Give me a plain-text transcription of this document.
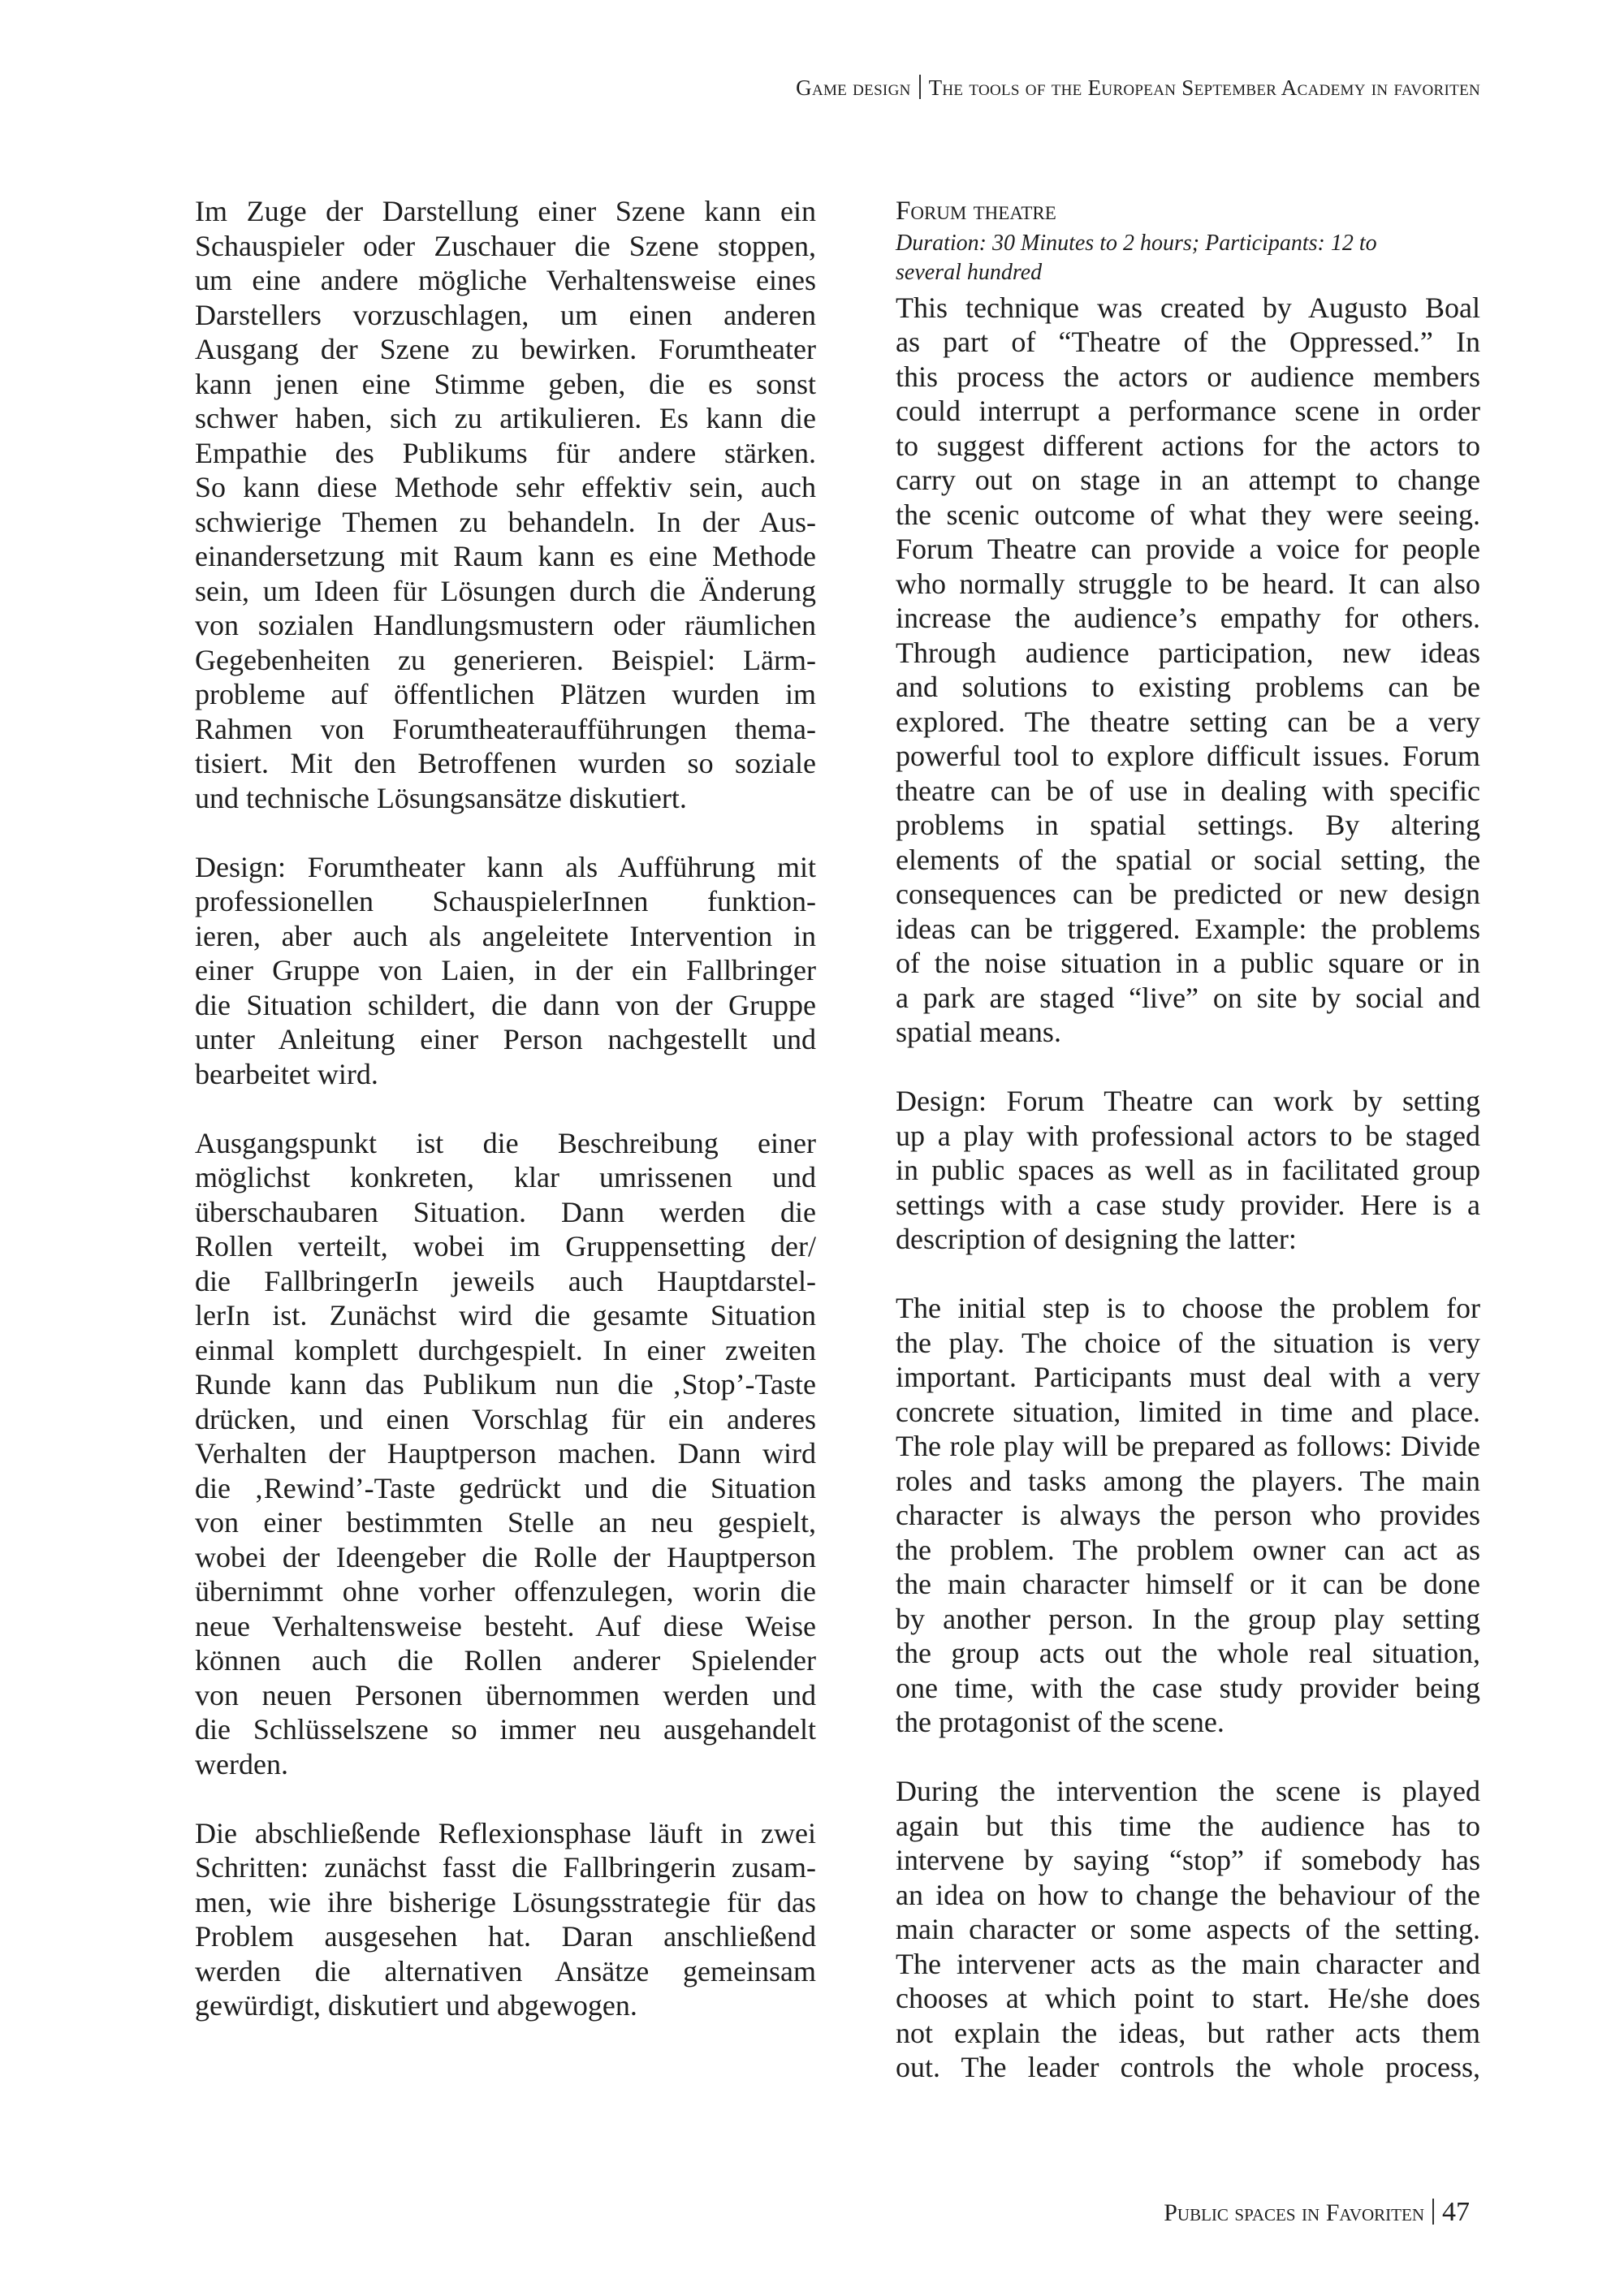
Game design The tools of the European September Academy in favoriten
Im Zuge der Darstellung einer Szene kann ein
Schauspieler oder Zuschauer die Szene stoppen,
um eine andere mögliche Verhaltensweise eines
Darstellers vorzuschlagen, um einen anderen
Ausgang der Szene zu bewirken. Forumtheater
kann jenen eine Stimme geben, die es sonst
schwer haben, sich zu artikulieren. Es kann die
Empathie des Publikums für andere stärken.
So kann diese Methode sehr effektiv sein, auch
schwierige Themen zu behandeln. In der Aus-
einandersetzung mit Raum kann es eine Methode
sein, um Ideen für Lösungen durch die Änderung
von sozialen Handlungsmustern oder räumlichen
Gegebenheiten zu generieren. Beispiel: Lärm-
probleme auf öffentlichen Plätzen wurden im
Rahmen von Forumtheateraufführungen thema-
tisiert. Mit den Betroffenen wurden so soziale
und technische Lösungsansätze diskutiert.
Design: Forumtheater kann als Aufführung mit
professionellen SchauspielerInnen funktion-
ieren, aber auch als angeleitete Intervention in
einer Gruppe von Laien, in der ein Fallbringer
die Situation schildert, die dann von der Gruppe
unter Anleitung einer Person nachgestellt und
bearbeitet wird.
Ausgangspunkt ist die Beschreibung einer
möglichst konkreten, klar umrissenen und
überschaubaren Situation. Dann werden die
Rollen verteilt, wobei im Gruppensetting der/
die FallbringerIn jeweils auch Hauptdarstel-
lerIn ist. Zunächst wird die gesamte Situation
einmal komplett durchgespielt. In einer zweiten
Runde kann das Publikum nun die ‚Stop’-Taste
drücken, und einen Vorschlag für ein anderes
Verhalten der Hauptperson machen. Dann wird
die ‚Rewind’-Taste gedrückt und die Situation
von einer bestimmten Stelle an neu gespielt,
wobei der Ideengeber die Rolle der Hauptperson
übernimmt ohne vorher offenzulegen, worin die
neue Verhaltensweise besteht. Auf diese Weise
können auch die Rollen anderer Spielender
von neuen Personen übernommen werden und
die Schlüsselszene so immer neu ausgehandelt
werden.
Die abschließende Reflexionsphase läuft in zwei
Schritten: zunächst fasst die Fallbringerin zusam-
men, wie ihre bisherige Lösungsstrategie für das
Problem ausgesehen hat. Daran anschließend
werden die alternativen Ansätze gemeinsam
gewürdigt, diskutiert und abgewogen.
Forum theatre
Duration: 30 Minutes to 2 hours; Participants: 12 to
several hundred
This technique was created by Augusto Boal
as part of “Theatre of the Oppressed.” In
this process the actors or audience members
could interrupt a performance scene in order
to suggest different actions for the actors to
carry out on stage in an attempt to change
the scenic outcome of what they were seeing.
Forum Theatre can provide a voice for people
who normally struggle to be heard. It can also
increase the audience’s empathy for others.
Through audience participation, new ideas
and solutions to existing problems can be
explored. The theatre setting can be a very
powerful tool to explore difficult issues. Forum
theatre can be of use in dealing with specific
problems in spatial settings. By altering
elements of the spatial or social setting, the
consequences can be predicted or new design
ideas can be triggered. Example: the problems
of the noise situation in a public square or in
a park are staged “live” on site by social and
spatial means.
Design: Forum Theatre can work by setting
up a play with professional actors to be staged
in public spaces as well as in facilitated group
settings with a case study provider. Here is a
description of designing the latter:
The initial step is to choose the problem for
the play. The choice of the situation is very
important. Participants must deal with a very
concrete situation, limited in time and place.
The role play will be prepared as follows: Divide
roles and tasks among the players. The main
character is always the person who provides
the problem. The problem owner can act as
the main character himself or it can be done
by another person. In the group play setting
the group acts out the whole real situation,
one time, with the case study provider being
the protagonist of the scene.
During the intervention the scene is played
again but this time the audience has to
intervene by saying “stop” if somebody has
an idea on how to change the behaviour of the
main character or some aspects of the setting.
The intervener acts as the main character and
chooses at which point to start. He/she does
not explain the ideas, but rather acts them
out. The leader controls the whole process,
Public spaces in Favoriten 47
